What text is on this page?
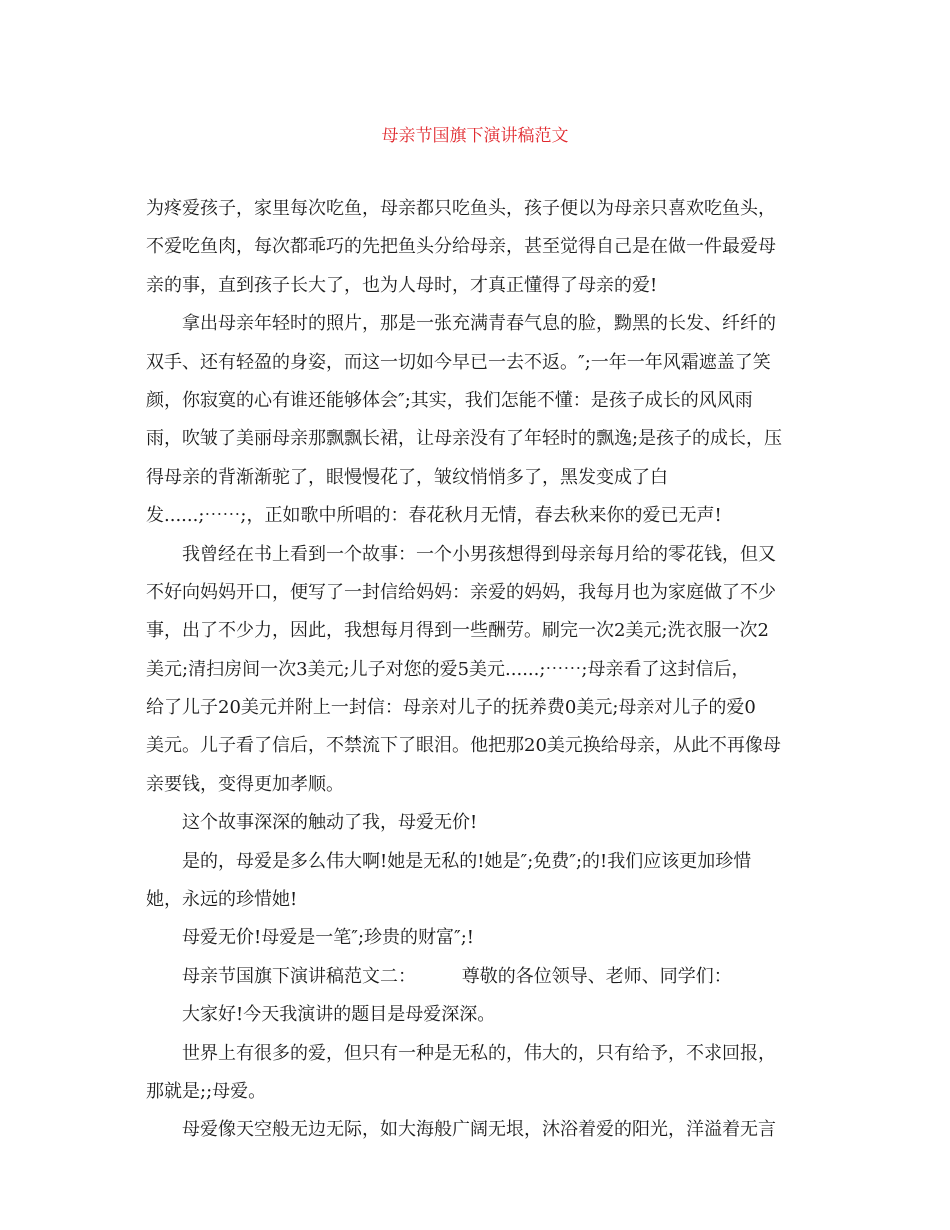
母亲节国旗下演讲稿范文
为疼爱孩子，家里每次吃鱼，母亲都只吃鱼头，孩子便以为母亲只喜欢吃鱼头，
不爱吃鱼肉，每次都乖巧的先把鱼头分给母亲，甚至觉得自己是在做一件最爱母
亲的事，直到孩子长大了，也为人母时，才真正懂得了母亲的爱!
拿出母亲年轻时的照片，那是一张充满青春气息的脸，黝黑的长发、纤纤的
双手、还有轻盈的身姿，而这一切如今早已一去不返。″;一年一年风霜遮盖了笑
颜，你寂寞的心有谁还能够体会″;其实，我们怎能不懂：是孩子成长的风风雨
雨，吹皱了美丽母亲那飘飘长裙，让母亲没有了年轻时的飘逸;是孩子的成长，压
得母亲的背渐渐驼了，眼慢慢花了，皱纹悄悄多了，黑发变成了白
发......;⋯⋯;，正如歌中所唱的：春花秋月无情，春去秋来你的爱已无声!
我曾经在书上看到一个故事：一个小男孩想得到母亲每月给的零花钱，但又
不好向妈妈开口，便写了一封信给妈妈：亲爱的妈妈，我每月也为家庭做了不少
事，出了不少力，因此，我想每月得到一些酬劳。刷完一次2美元;洗衣服一次2
美元;清扫房间一次3美元;儿子对您的爱5美元......;⋯⋯;母亲看了这封信后，
给了儿子20美元并附上一封信：母亲对儿子的抚养费0美元;母亲对儿子的爱0
美元。儿子看了信后，不禁流下了眼泪。他把那20美元换给母亲，从此不再像母
亲要钱，变得更加孝顺。
这个故事深深的触动了我，母爱无价!
是的，母爱是多么伟大啊!她是无私的!她是″;免费″;的!我们应该更加珍惜
她，永远的珍惜她!
母爱无价!母爱是一笔″;珍贵的财富″;!
母亲节国旗下演讲稿范文二：        尊敬的各位领导、老师、同学们：
大家好!今天我演讲的题目是母爱深深。
世界上有很多的爱，但只有一种是无私的，伟大的，只有给予，不求回报，
那就是;;母爱。
母爱像天空般无边无际，如大海般广阔无垠，沐浴着爱的阳光，洋溢着无言
